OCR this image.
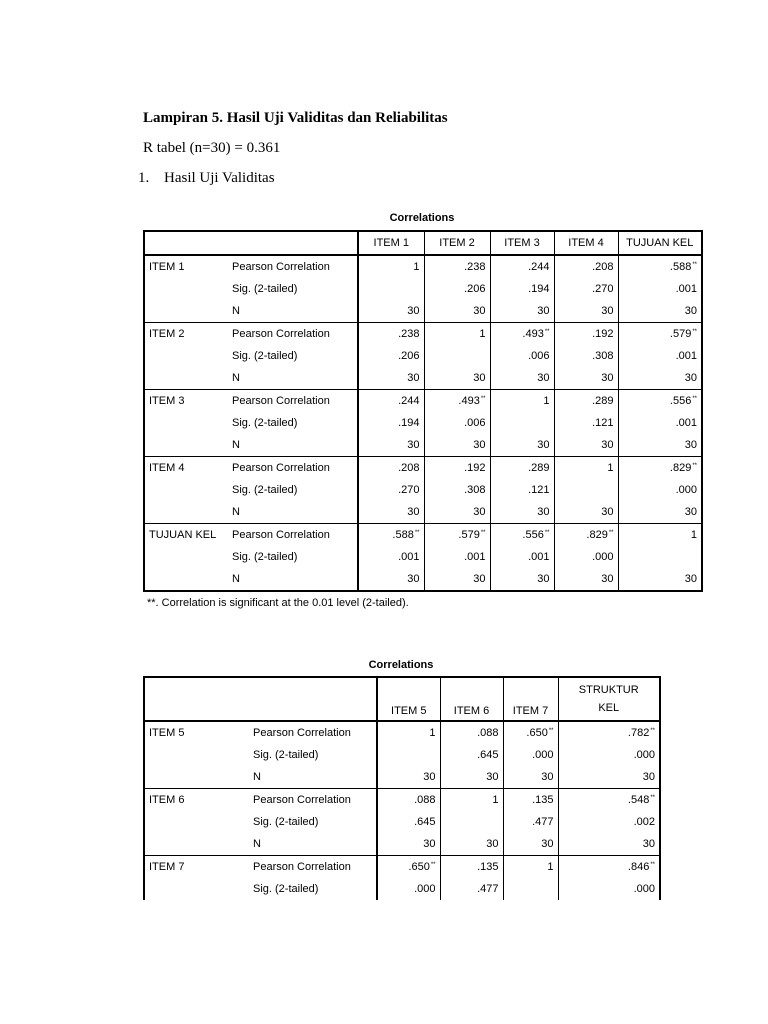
Lampiran 5. Hasil Uji Validitas dan Reliabilitas
R tabel (n=30) = 0.361
1. Hasil Uji Validitas
Correlations
		ITEM 1	ITEM 2	ITEM 3	ITEM 4	TUJUAN KEL
ITEM 1	Pearson Correlation	1	.238	.244	.208	.588**
	Sig. (2-tailed)		.206	.194	.270	.001
	N	30	30	30	30	30
ITEM 2	Pearson Correlation	.238	1	.493**	.192	.579**
	Sig. (2-tailed)	.206		.006	.308	.001
	N	30	30	30	30	30
ITEM 3	Pearson Correlation	.244	.493**	1	.289	.556**
	Sig. (2-tailed)	.194	.006		.121	.001
	N	30	30	30	30	30
ITEM 4	Pearson Correlation	.208	.192	.289	1	.829**
	Sig. (2-tailed)	.270	.308	.121		.000
	N	30	30	30	30	30
TUJUAN KEL	Pearson Correlation	.588**	.579**	.556**	.829**	1
	Sig. (2-tailed)	.001	.001	.001	.000	
	N	30	30	30	30	30
**. Correlation is significant at the 0.01 level (2-tailed).
Correlations
		ITEM 5	ITEM 6	ITEM 7	STRUKTUR
KEL

ITEM 5	Pearson Correlation	1	.088	.650**	.782**
	Sig. (2-tailed)		.645	.000	.000
	N	30	30	30	30
ITEM 6	Pearson Correlation	.088	1	.135	.548**
	Sig. (2-tailed)	.645		.477	.002
	N	30	30	30	30
ITEM 7	Pearson Correlation	.650**	.135	1	.846**
	Sig. (2-tailed)	.000	.477		.000
